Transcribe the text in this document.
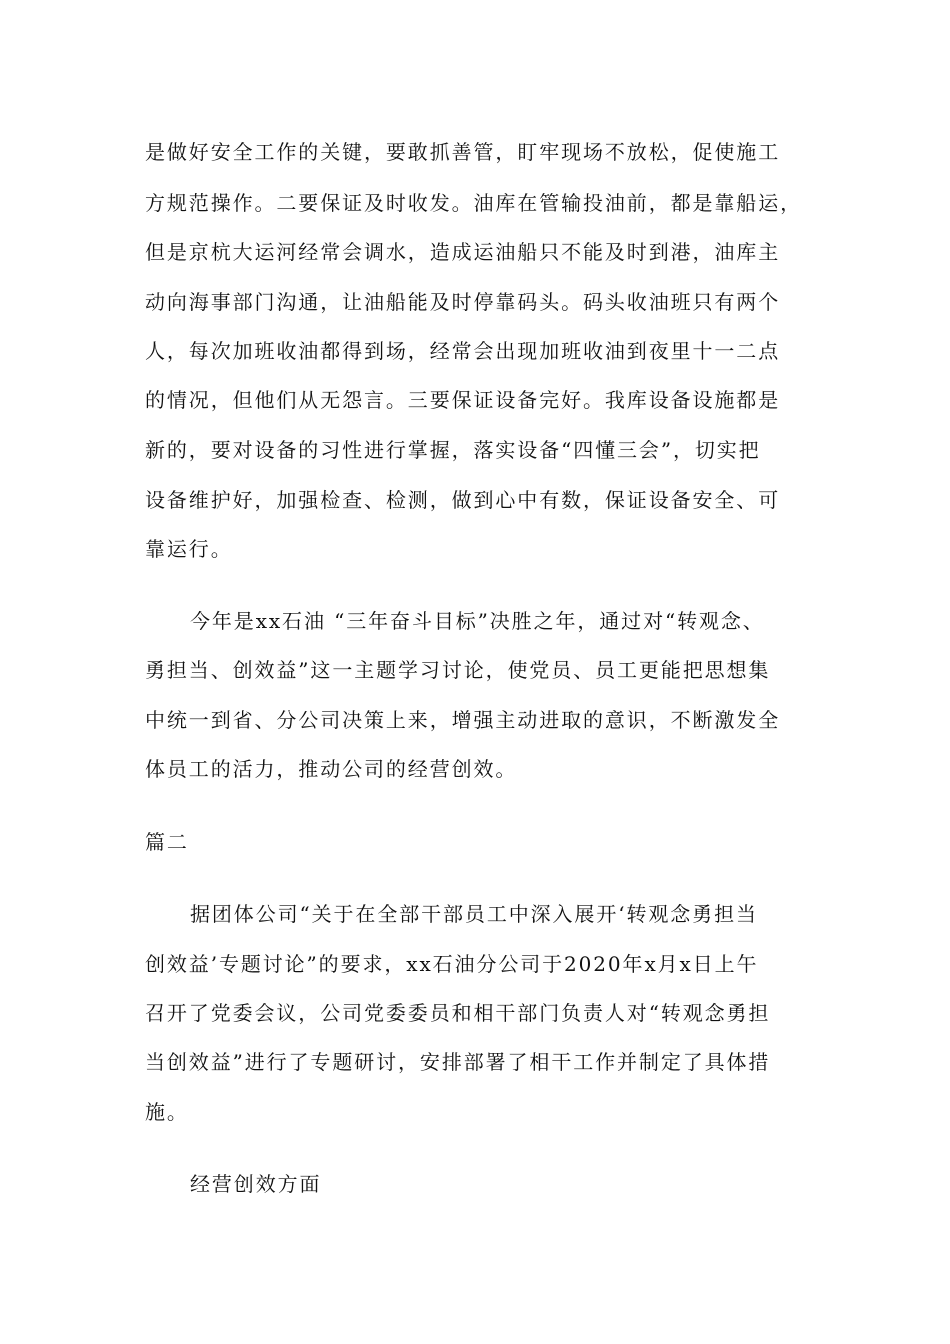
是做好安全工作的关键，要敢抓善管，盯牢现场不放松，促使施工
方规范操作。二要保证及时收发。油库在管输投油前，都是靠船运，
但是京杭大运河经常会调水，造成运油船只不能及时到港，油库主
动向海事部门沟通，让油船能及时停靠码头。码头收油班只有两个
人，每次加班收油都得到场，经常会出现加班收油到夜里十一二点
的情况，但他们从无怨言。三要保证设备完好。我库设备设施都是
新的，要对设备的习性进行掌握，落实设备“四懂三会”，切实把
设备维护好，加强检查、检测，做到心中有数，保证设备安全、可
靠运行。
今年是xx石油 “三年奋斗目标”决胜之年，通过对“转观念、
勇担当、创效益”这一主题学习讨论，使党员、员工更能把思想集
中统一到省、分公司决策上来，增强主动进取的意识，不断激发全
体员工的活力，推动公司的经营创效。
篇二
据团体公司“关于在全部干部员工中深入展开‘转观念勇担当
创效益’专题讨论”的要求，xx石油分公司于2020年x月x日上午
召开了党委会议，公司党委委员和相干部门负责人对“转观念勇担
当创效益”进行了专题研讨，安排部署了相干工作并制定了具体措
施。
经营创效方面
